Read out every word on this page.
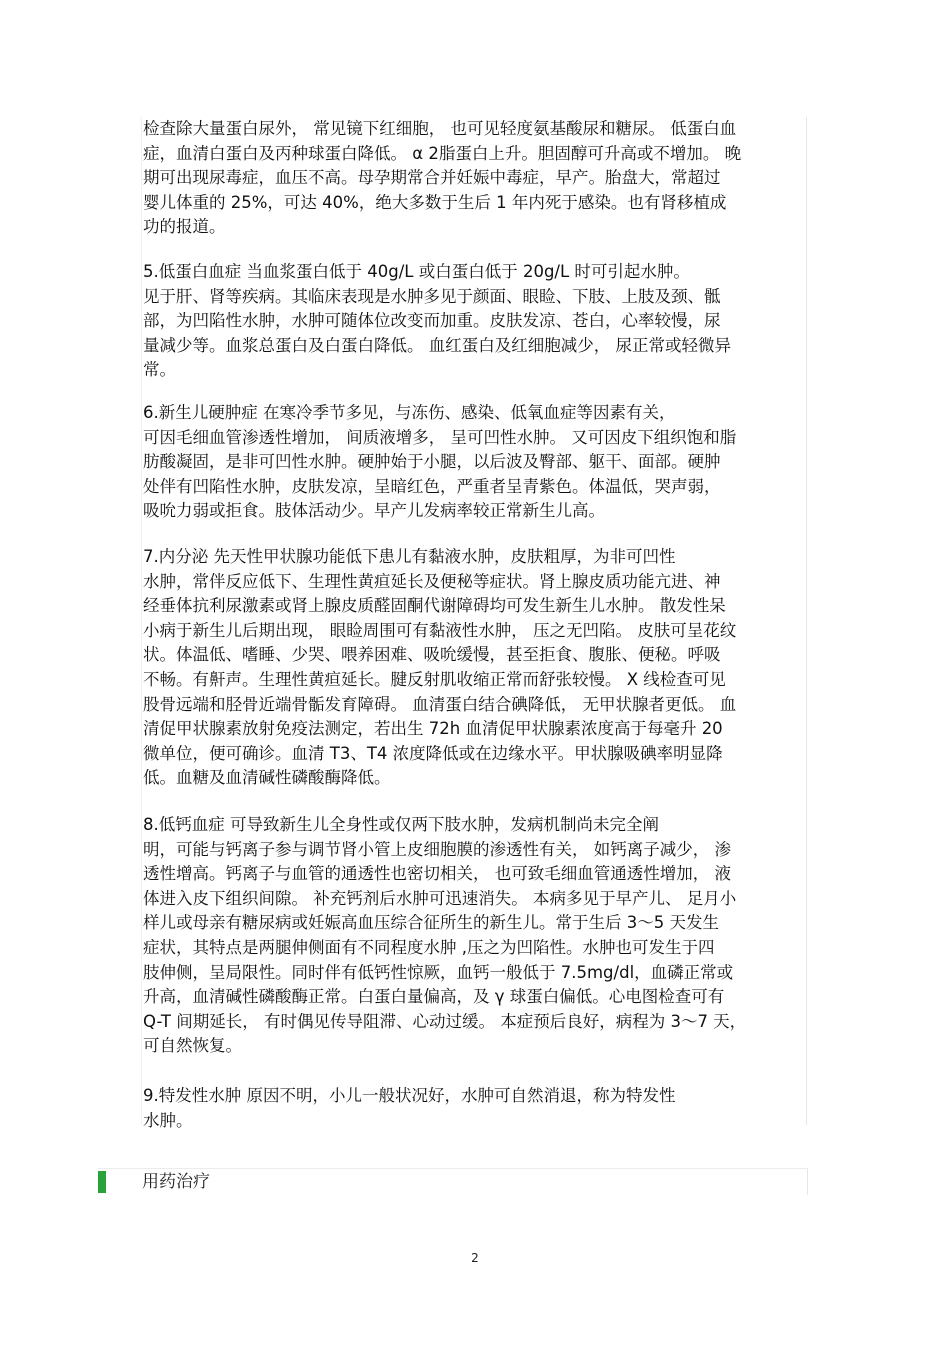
检查除大量蛋白尿外， 常见镜下红细胞， 也可见轻度氨基酸尿和糖尿。 低蛋白血
症，血清白蛋白及丙种球蛋白降低。 α 2脂蛋白上升。胆固醇可升高或不增加。 晚
期可出现尿毒症，血压不高。母孕期常合并妊娠中毒症，早产。胎盘大，常超过
婴儿体重的 25%，可达 40%，绝大多数于生后 1 年内死于感染。也有肾移植成
功的报道。
5.低蛋白血症 当血浆蛋白低于 40g/L 或白蛋白低于 20g/L 时可引起水肿。
见于肝、肾等疾病。其临床表现是水肿多见于颜面、眼睑、下肢、上肢及颈、骶
部，为凹陷性水肿，水肿可随体位改变而加重。皮肤发凉、苍白，心率较慢，尿
量减少等。血浆总蛋白及白蛋白降低。 血红蛋白及红细胞减少， 尿正常或轻微异
常。
6.新生儿硬肿症 在寒冷季节多见，与冻伤、感染、低氧血症等因素有关，
可因毛细血管渗透性增加， 间质液增多， 呈可凹性水肿。 又可因皮下组织饱和脂
肪酸凝固，是非可凹性水肿。硬肿始于小腿，以后波及臀部、躯干、面部。硬肿
处伴有凹陷性水肿，皮肤发凉，呈暗红色，严重者呈青紫色。体温低，哭声弱，
吸吮力弱或拒食。肢体活动少。早产儿发病率较正常新生儿高。
7.内分泌 先天性甲状腺功能低下患儿有黏液水肿，皮肤粗厚，为非可凹性
水肿，常伴反应低下、生理性黄疸延长及便秘等症状。肾上腺皮质功能亢进、神
经垂体抗利尿激素或肾上腺皮质醛固酮代谢障碍均可发生新生儿水肿。 散发性呆
小病于新生儿后期出现， 眼睑周围可有黏液性水肿， 压之无凹陷。 皮肤可呈花纹
状。体温低、嗜睡、少哭、喂养困难、吸吮缓慢，甚至拒食、腹胀、便秘。呼吸
不畅。有鼾声。生理性黄疸延长。腱反射肌收缩正常而舒张较慢。 X 线检查可见
股骨远端和胫骨近端骨骺发育障碍。 血清蛋白结合碘降低， 无甲状腺者更低。 血
清促甲状腺素放射免疫法测定，若出生 72h 血清促甲状腺素浓度高于每毫升 20
微单位，便可确诊。血清 T3、T4 浓度降低或在边缘水平。甲状腺吸碘率明显降
低。血糖及血清碱性磷酸酶降低。
8.低钙血症 可导致新生儿全身性或仅两下肢水肿，发病机制尚未完全阐
明，可能与钙离子参与调节肾小管上皮细胞膜的渗透性有关， 如钙离子减少， 渗
透性增高。钙离子与血管的通透性也密切相关， 也可致毛细血管通透性增加， 液
体进入皮下组织间隙。 补充钙剂后水肿可迅速消失。 本病多见于早产儿、 足月小
样儿或母亲有糖尿病或妊娠高血压综合征所生的新生儿。常于生后 3～5 天发生
症状，其特点是两腿伸侧面有不同程度水肿 ,压之为凹陷性。水肿也可发生于四
肢伸侧，呈局限性。同时伴有低钙性惊厥，血钙一般低于 7.5mg/dl，血磷正常或
升高，血清碱性磷酸酶正常。白蛋白量偏高，及 γ 球蛋白偏低。心电图检查可有
Q-T 间期延长， 有时偶见传导阻滞、心动过缓。 本症预后良好，病程为 3～7 天，
可自然恢复。
9.特发性水肿 原因不明，小儿一般状况好，水肿可自然消退，称为特发性
水肿。
用药治疗
2
